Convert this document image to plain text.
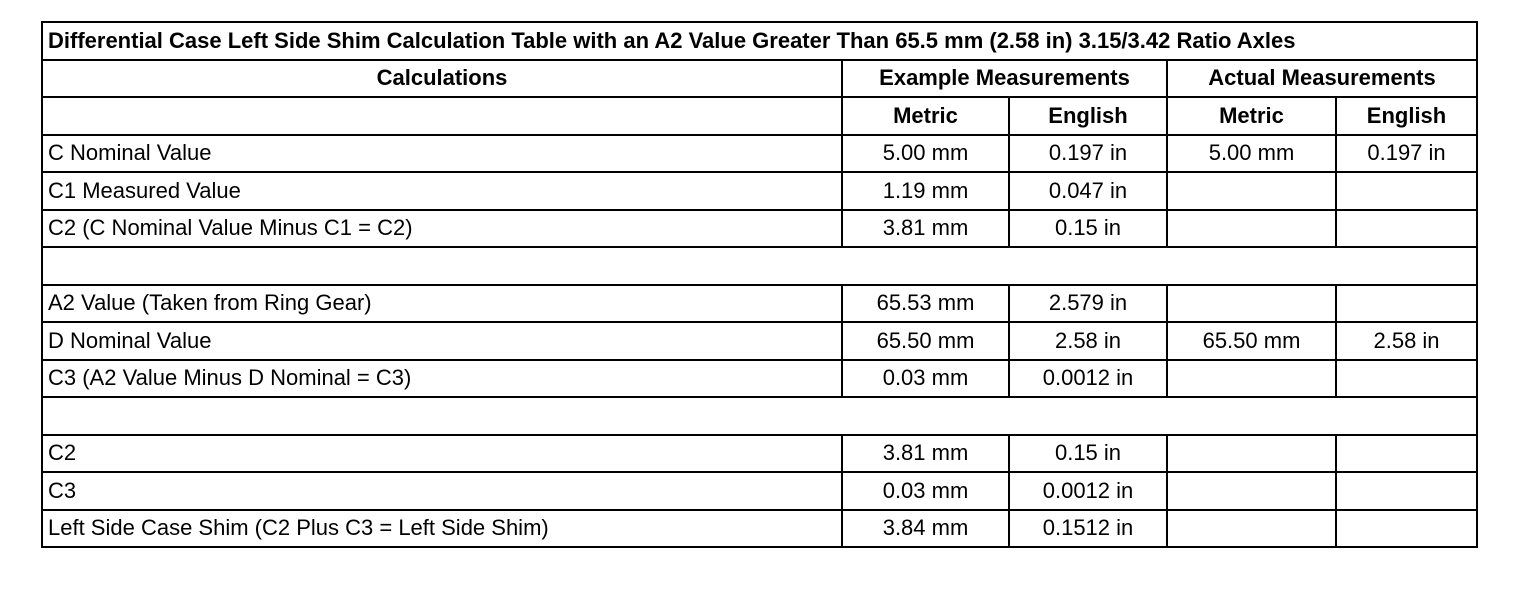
Differential Case Left Side Shim Calculation Table with an A2 Value Greater Than 65.5 mm (2.58 in) 3.15/3.42 Ratio Axles				
Calculations	Example Measurements		Actual Measurements	
	Metric	English	Metric	English
C Nominal Value	5.00 mm	0.197 in	5.00 mm	0.197 in
C1 Measured Value	1.19 mm	0.047 in		
C2 (C Nominal Value Minus C1 = C2)	3.81 mm	0.15 in		

A2 Value (Taken from Ring Gear)	65.53 mm	2.579 in		
D Nominal Value	65.50 mm	2.58 in	65.50 mm	2.58 in
C3 (A2 Value Minus D Nominal = C3)	0.03 mm	0.0012 in		

C2	3.81 mm	0.15 in		
C3	0.03 mm	0.0012 in		
Left Side Case Shim (C2 Plus C3 = Left Side Shim)	3.84 mm	0.1512 in		
